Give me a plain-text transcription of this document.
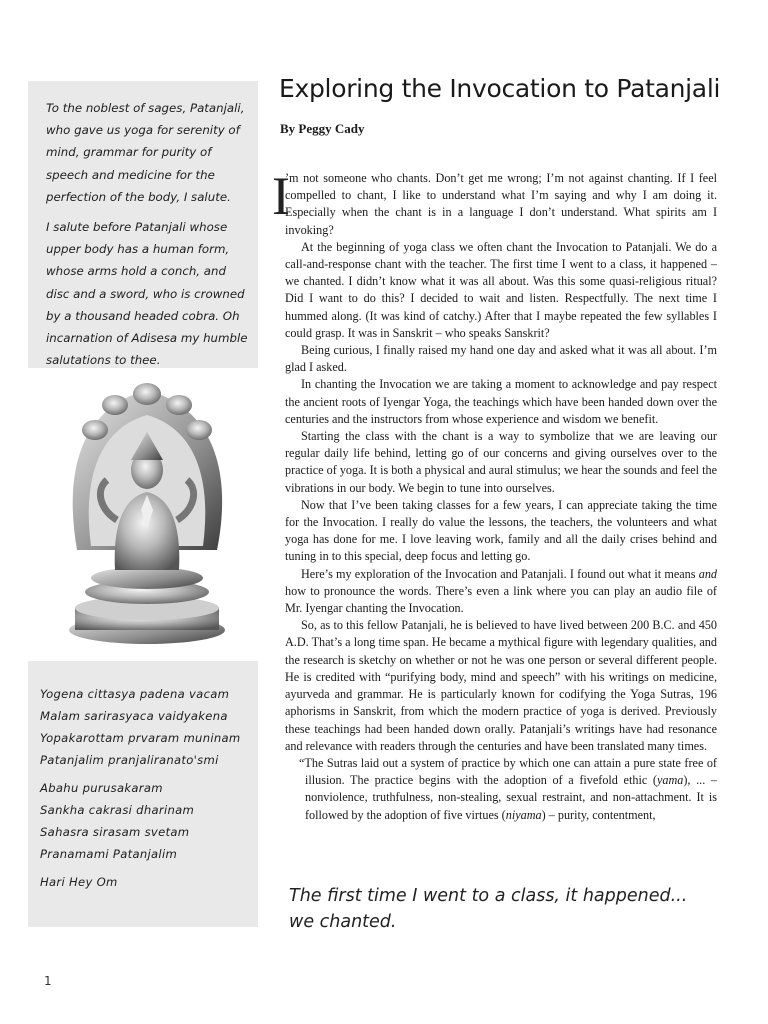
To the noblest of sages, Patanjali, who gave us yoga for serenity of mind, grammar for purity of speech and medicine for the perfection of the body, I salute.

I salute before Patanjali whose upper body has a human form, whose arms hold a conch, and disc and a sword, who is crowned by a thousand headed cobra. Oh incarnation of Adisesa my humble salutations to thee.

Yogena cittasya padena vacam
Malam sarirasyaca vaidyakena
Yopakarottam prvaram muninam
Patanjalim pranjaliranato'smi
Abahu purusakaram
Sankha cakrasi dharinam
Sahasra sirasam svetam
Pranamami Patanjalim
Hari Hey Om
Exploring the Invocation to Patanjali
By Peggy Cady
I

’m not someone who chants. Don’t get me wrong; I’m not against chanting. If I feel compelled to chant, I like to understand what I’m saying and why I am doing it. Especially when the chant is in a language I don’t understand. What spirits am I invoking?

At the beginning of yoga class we often chant the Invocation to Patanjali. We do a call-and-response chant with the teacher. The first time I went to a class, it happened – we chanted. I didn’t know what it was all about. Was this some quasi-religious ritual? Did I want to do this? I decided to wait and listen. Respectfully. The next time I hummed along. (It was kind of catchy.) After that I maybe repeated the few syllables I could grasp. It was in Sanskrit – who speaks Sanskrit?

Being curious, I finally raised my hand one day and asked what it was all about. I’m glad I asked.

In chanting the Invocation we are taking a moment to acknowledge and pay respect the ancient roots of Iyengar Yoga, the teachings which have been handed down over the centuries and the instructors from whose experience and wisdom we benefit.

Starting the class with the chant is a way to symbolize that we are leaving our regular daily life behind, letting go of our concerns and giving ourselves over to the practice of yoga. It is both a physical and aural stimulus; we hear the sounds and feel the vibrations in our body. We begin to tune into ourselves.

Now that I’ve been taking classes for a few years, I can appreciate taking the time for the Invocation. I really do value the lessons, the teachers, the volunteers and what yoga has done for me. I love leaving work, family and all the daily crises behind and tuning in to this special, deep focus and letting go.

Here’s my exploration of the Invocation and Patanjali. I found out what it means and how to pronounce the words. There’s even a link where you can play an audio file of Mr. Iyengar chanting the Invocation.

So, as to this fellow Patanjali, he is believed to have lived between 200 B.C. and 450 A.D. That’s a long time span. He became a mythical figure with legendary qualities, and the research is sketchy on whether or not he was one person or several different people. He is credited with “purifying body, mind and speech” with his writings on medicine, ayurveda and grammar. He is particularly known for codifying the Yoga Sutras, 196 aphorisms in Sanskrit, from which the modern practice of yoga is derived. Previously these teachings had been handed down orally. Patanjali’s writings have had resonance and relevance with readers through the centuries and have been translated many times.

“The Sutras laid out a system of practice by which one can attain a pure state free of illusion. The practice begins with the adoption of a fivefold ethic (yama), ... – nonviolence, truthfulness, non-stealing, sexual restraint, and non-attachment. It is followed by the adoption of five virtues (niyama) – purity, contentment,

The first time I went to a class, it happened... we chanted.

1
